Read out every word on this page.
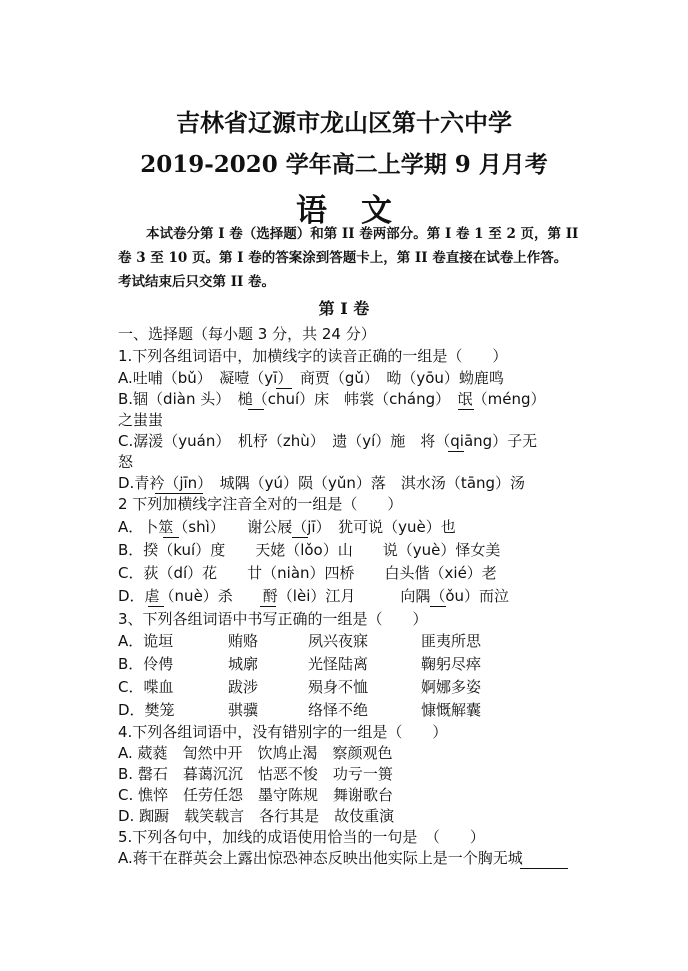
吉林省辽源市龙山区第十六中学
2019-2020 学年高二上学期 9 月月考
语文
本试卷分第 I 卷（选择题）和第 II 卷两部分。第 I 卷 1 至 2 页，第 II
卷 3 至 10 页。第 I 卷的答案涂到答题卡上，第 II 卷直接在试卷上作答。
考试结束后只交第 II 卷。
第 I 卷
一、选择题（每小题 3 分，共 24 分）
1.下列各组词语中，加横线字的读音正确的一组是（　　）
A.吐哺（bǔ）　凝噎（yī）　商贾（gǔ）　呦（yōu）蚴鹿鸣
B.锢（diàn 头）　槌（chuí）床　帏裳（cháng）　氓（méng）
之蚩蚩
C.潺湲（yuán）　机杼（zhù）　遗（yí）施　将（qiāng）子无
怒
D.青衿（jīn）　城隅（yú）陨（yǔn）落　淇水汤（tāng）汤
2 下列加横线字注音全对的一组是（　　）
A．卜筮（shì）　　谢公屐（jī）　犹可说（yuè）也
B．揆（kuí）度　　天姥（lǒo）山　　说（yuè）怿女美
C．荻（dí）花　　廿（niàn）四桥　　白头偕（xié）老
D．虐（nuè）杀　　酹（lèi）江月　　　向隅（ǒu）而泣
3、下列各组词语中书写正确的一组是（　　）
A．诡垣	贿赂	夙兴夜寐	匪夷所思
B．伶俜	城廓	光怪陆离	鞠躬尽瘁
C．喋血	跋涉	殒身不恤	婀娜多姿
D．樊笼	骐骥	络怿不绝	慷慨解囊
4.下列各组词语中，没有错别字的一组是（　　）
A. 葳蕤　訇然中开　饮鸠止渴　察颜观色
B. 罄石　暮蔼沉沉　怙恶不悛　功亏一篑
C. 憔悴　任劳任怨　墨守陈规　舞谢歌台
D. 踟蹰　载笑载言　各行其是　故伎重演
5.下列各句中，加线的成语使用恰当的一句是　（　　）
A.蒋干在群英会上露出惊恐神态反映出他实际上是一个胸无城
